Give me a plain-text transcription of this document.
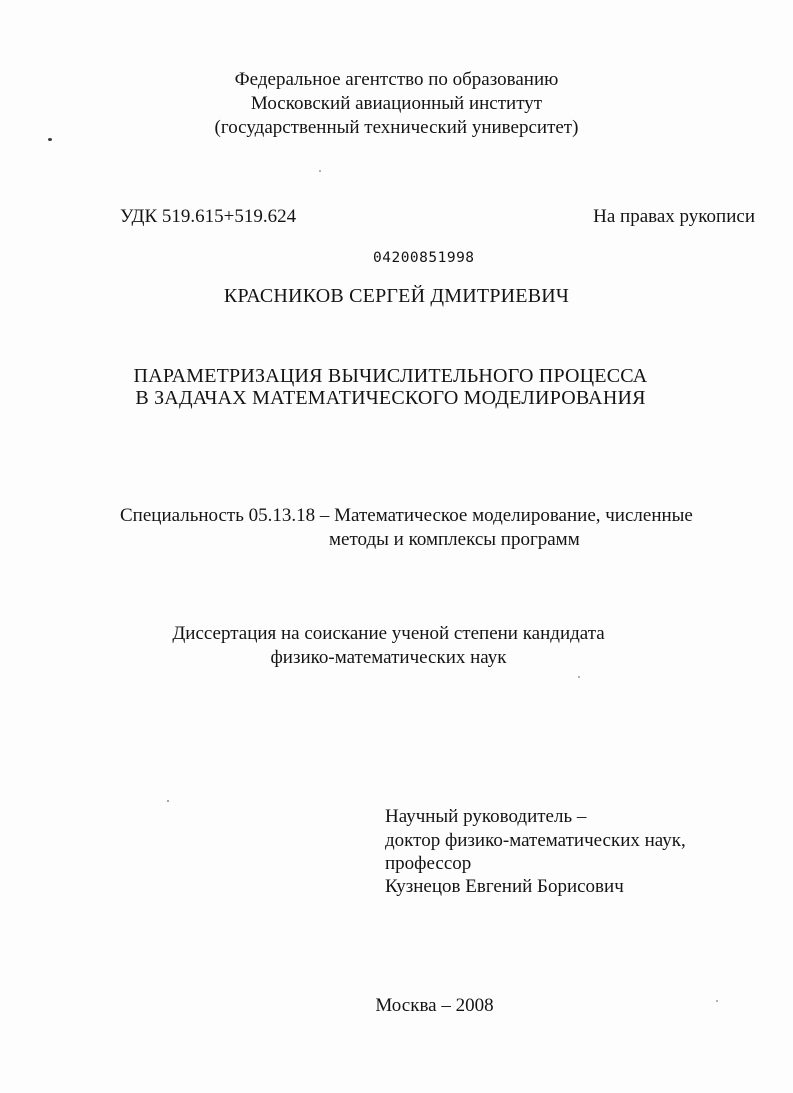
Федеральное агентство по образованию
Московский авиационный институт
(государственный технический университет)
УДК 519.615+519.624	На правах рукописи
04200851998
КРАСНИКОВ СЕРГЕЙ ДМИТРИЕВИЧ
ПАРАМЕТРИЗАЦИЯ ВЫЧИСЛИТЕЛЬНОГО ПРОЦЕССА
В ЗАДАЧАХ МАТЕМАТИЧЕСКОГО МОДЕЛИРОВАНИЯ
Специальность 05.13.18 – Математическое моделирование, численные
методы и комплексы программ
Диссертация на соискание ученой степени кандидата
физико-математических наук
Научный руководитель –
доктор физико-математических наук,
профессор
Кузнецов Евгений Борисович
Москва – 2008
